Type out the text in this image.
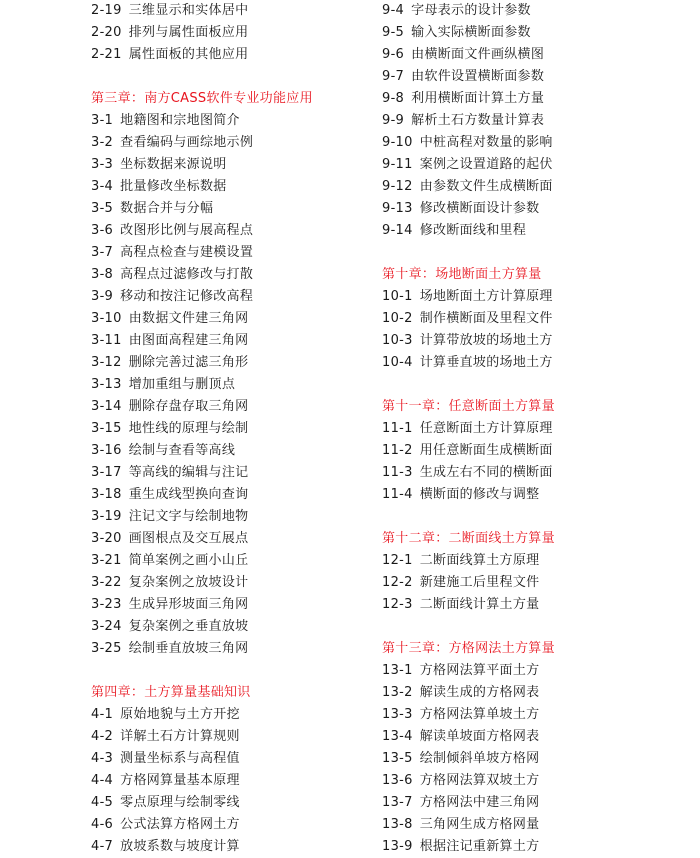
2-19 三维显示和实体居中
2-20 排列与属性面板应用
2-21 属性面板的其他应用
第三章：南方CASS软件专业功能应用
3-1 地籍图和宗地图简介
3-2 查看编码与画综地示例
3-3 坐标数据来源说明
3-4 批量修改坐标数据
3-5 数据合并与分幅
3-6 改图形比例与展高程点
3-7 高程点检查与建模设置
3-8 高程点过滤修改与打散
3-9 移动和按注记修改高程
3-10 由数据文件建三角网
3-11 由图面高程建三角网
3-12 删除完善过滤三角形
3-13 增加重组与删顶点
3-14 删除存盘存取三角网
3-15 地性线的原理与绘制
3-16 绘制与查看等高线
3-17 等高线的编辑与注记
3-18 重生成线型换向查询
3-19 注记文字与绘制地物
3-20 画图根点及交互展点
3-21 简单案例之画小山丘
3-22 复杂案例之放坡设计
3-23 生成异形坡面三角网
3-24 复杂案例之垂直放坡
3-25 绘制垂直放坡三角网
第四章：土方算量基础知识
4-1 原始地貌与土方开挖
4-2 详解土石方计算规则
4-3 测量坐标系与高程值
4-4 方格网算量基本原理
4-5 零点原理与绘制零线
4-6 公式法算方格网土方
4-7 放坡系数与坡度计算
9-4 字母表示的设计参数
9-5 输入实际横断面参数
9-6 由横断面文件画纵横图
9-7 由软件设置横断面参数
9-8 利用横断面计算土方量
9-9 解析土石方数量计算表
9-10 中桩高程对数量的影响
9-11 案例之设置道路的起伏
9-12 由参数文件生成横断面
9-13 修改横断面设计参数
9-14 修改断面线和里程
第十章：场地断面土方算量
10-1 场地断面土方计算原理
10-2 制作横断面及里程文件
10-3 计算带放坡的场地土方
10-4 计算垂直坡的场地土方
第十一章：任意断面土方算量
11-1 任意断面土方计算原理
11-2 用任意断面生成横断面
11-3 生成左右不同的横断面
11-4 横断面的修改与调整
第十二章：二断面线土方算量
12-1 二断面线算土方原理
12-2 新建施工后里程文件
12-3 二断面线计算土方量
第十三章：方格网法土方算量
13-1 方格网法算平面土方
13-2 解读生成的方格网表
13-3 方格网法算单坡土方
13-4 解读单坡面方格网表
13-5 绘制倾斜单坡方格网
13-6 方格网法算双坡土方
13-7 方格网法中建三角网
13-8 三角网生成方格网量
13-9 根据注记重新算土方
